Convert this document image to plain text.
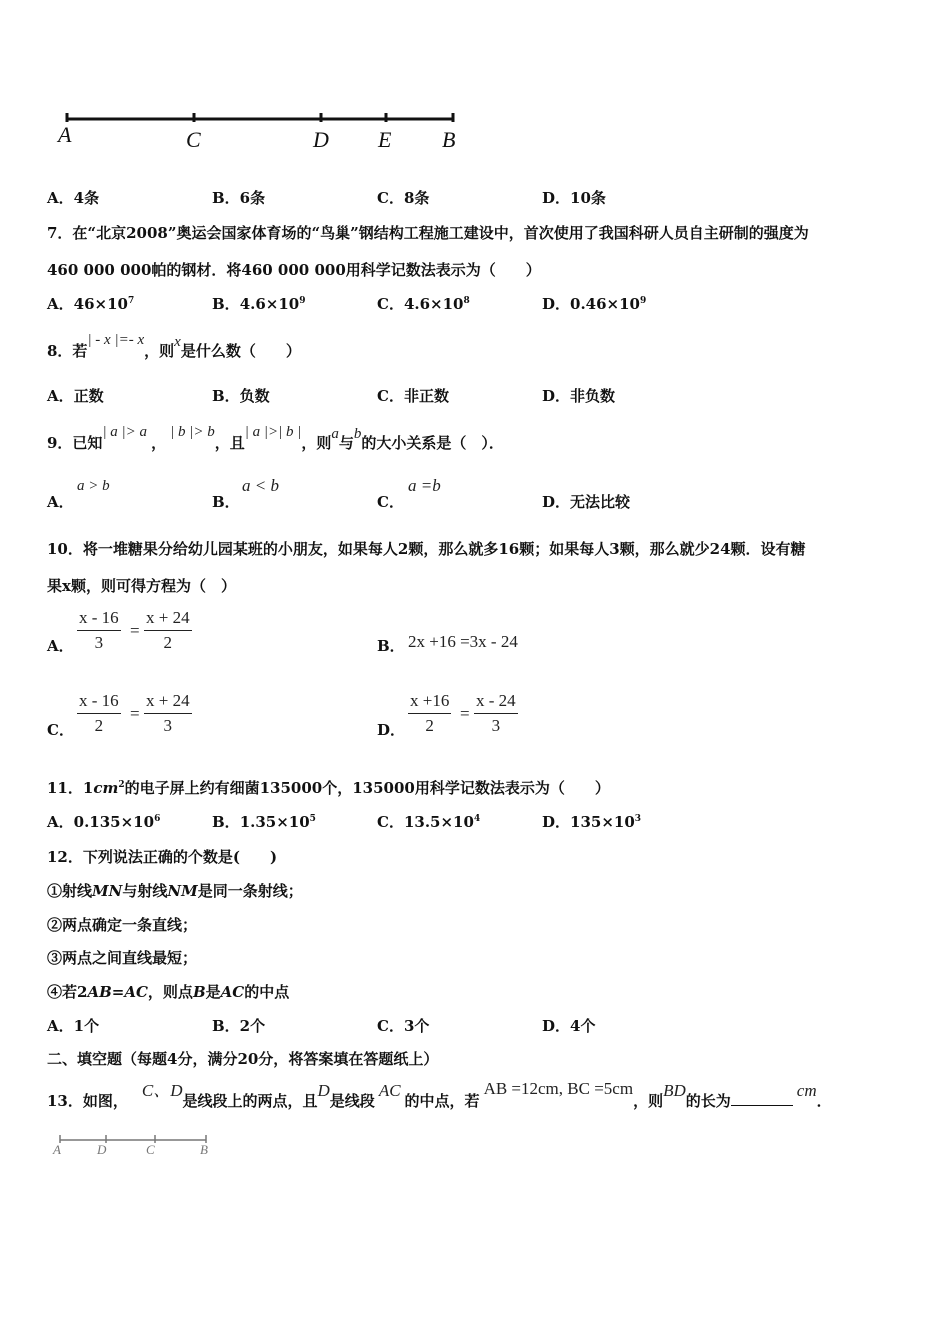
A	C	D E B
A．4条	B．6条	C．8条	D．10条
7．在“北京2008”奥运会国家体育场的“鸟巢”钢结构工程施工建设中，首次使用了我国科研人员自主研制的强度为
460 000 000帕的钢材．将460 000 000用科学记数法表示为（　　）
A．$46\times 10^7$	B．$4.6\times 10^9$	C．$4.6\times 10^8$	D．$0.46\times 10^9$
8．若| - x |=- x，则x是什么数（　　）
A．正数	B．负数	C．非正数	D．非负数
9．已知| a |> a，| b |> b，且| a |>| b |，则a与b的大小关系是（　）．
A．
a > b
B．
a < b
C．
a =b
D．无法比较
10．将一堆糖果分给幼儿园某班的小朋友，如果每人2颗，那么就多16颗；如果每人3颗，那么就少24颗．设有糖
果x颗，则可得方程为（　）
A． $\frac{x - 16}{3} = \frac{x + 24}{2}$	B． 2x +16 =3x - 24
C． $\frac{x - 16}{2} = \frac{x + 24}{3}$	D． $\frac{x +16}{2} = \frac{x - 24}{3}$
11．$1cm^2$的电子屏上约有细菌135000个，135000用科学记数法表示为（　　）
A．$0.135\times 10^6$	B．$1.35\times 10^5$	C．$13.5\times 10^4$	D．$135\times 10^3$
12．下列说法正确的个数是(　　)
①射线MN与射线NM是同一条射线；
②两点确定一条直线；
③两点之间直线最短；
④若2AB=AC，则点B是AC的中点
A．1个	B．2个	C．3个	D．4个
二、填空题（每题4分，满分20分，将答案填在答题纸上）
13．如图，C、D是线段上的两点，且D是线段AC的中点，若AB =12cm, BC =5cm，则BD的长为cm．
A	D	C	B
